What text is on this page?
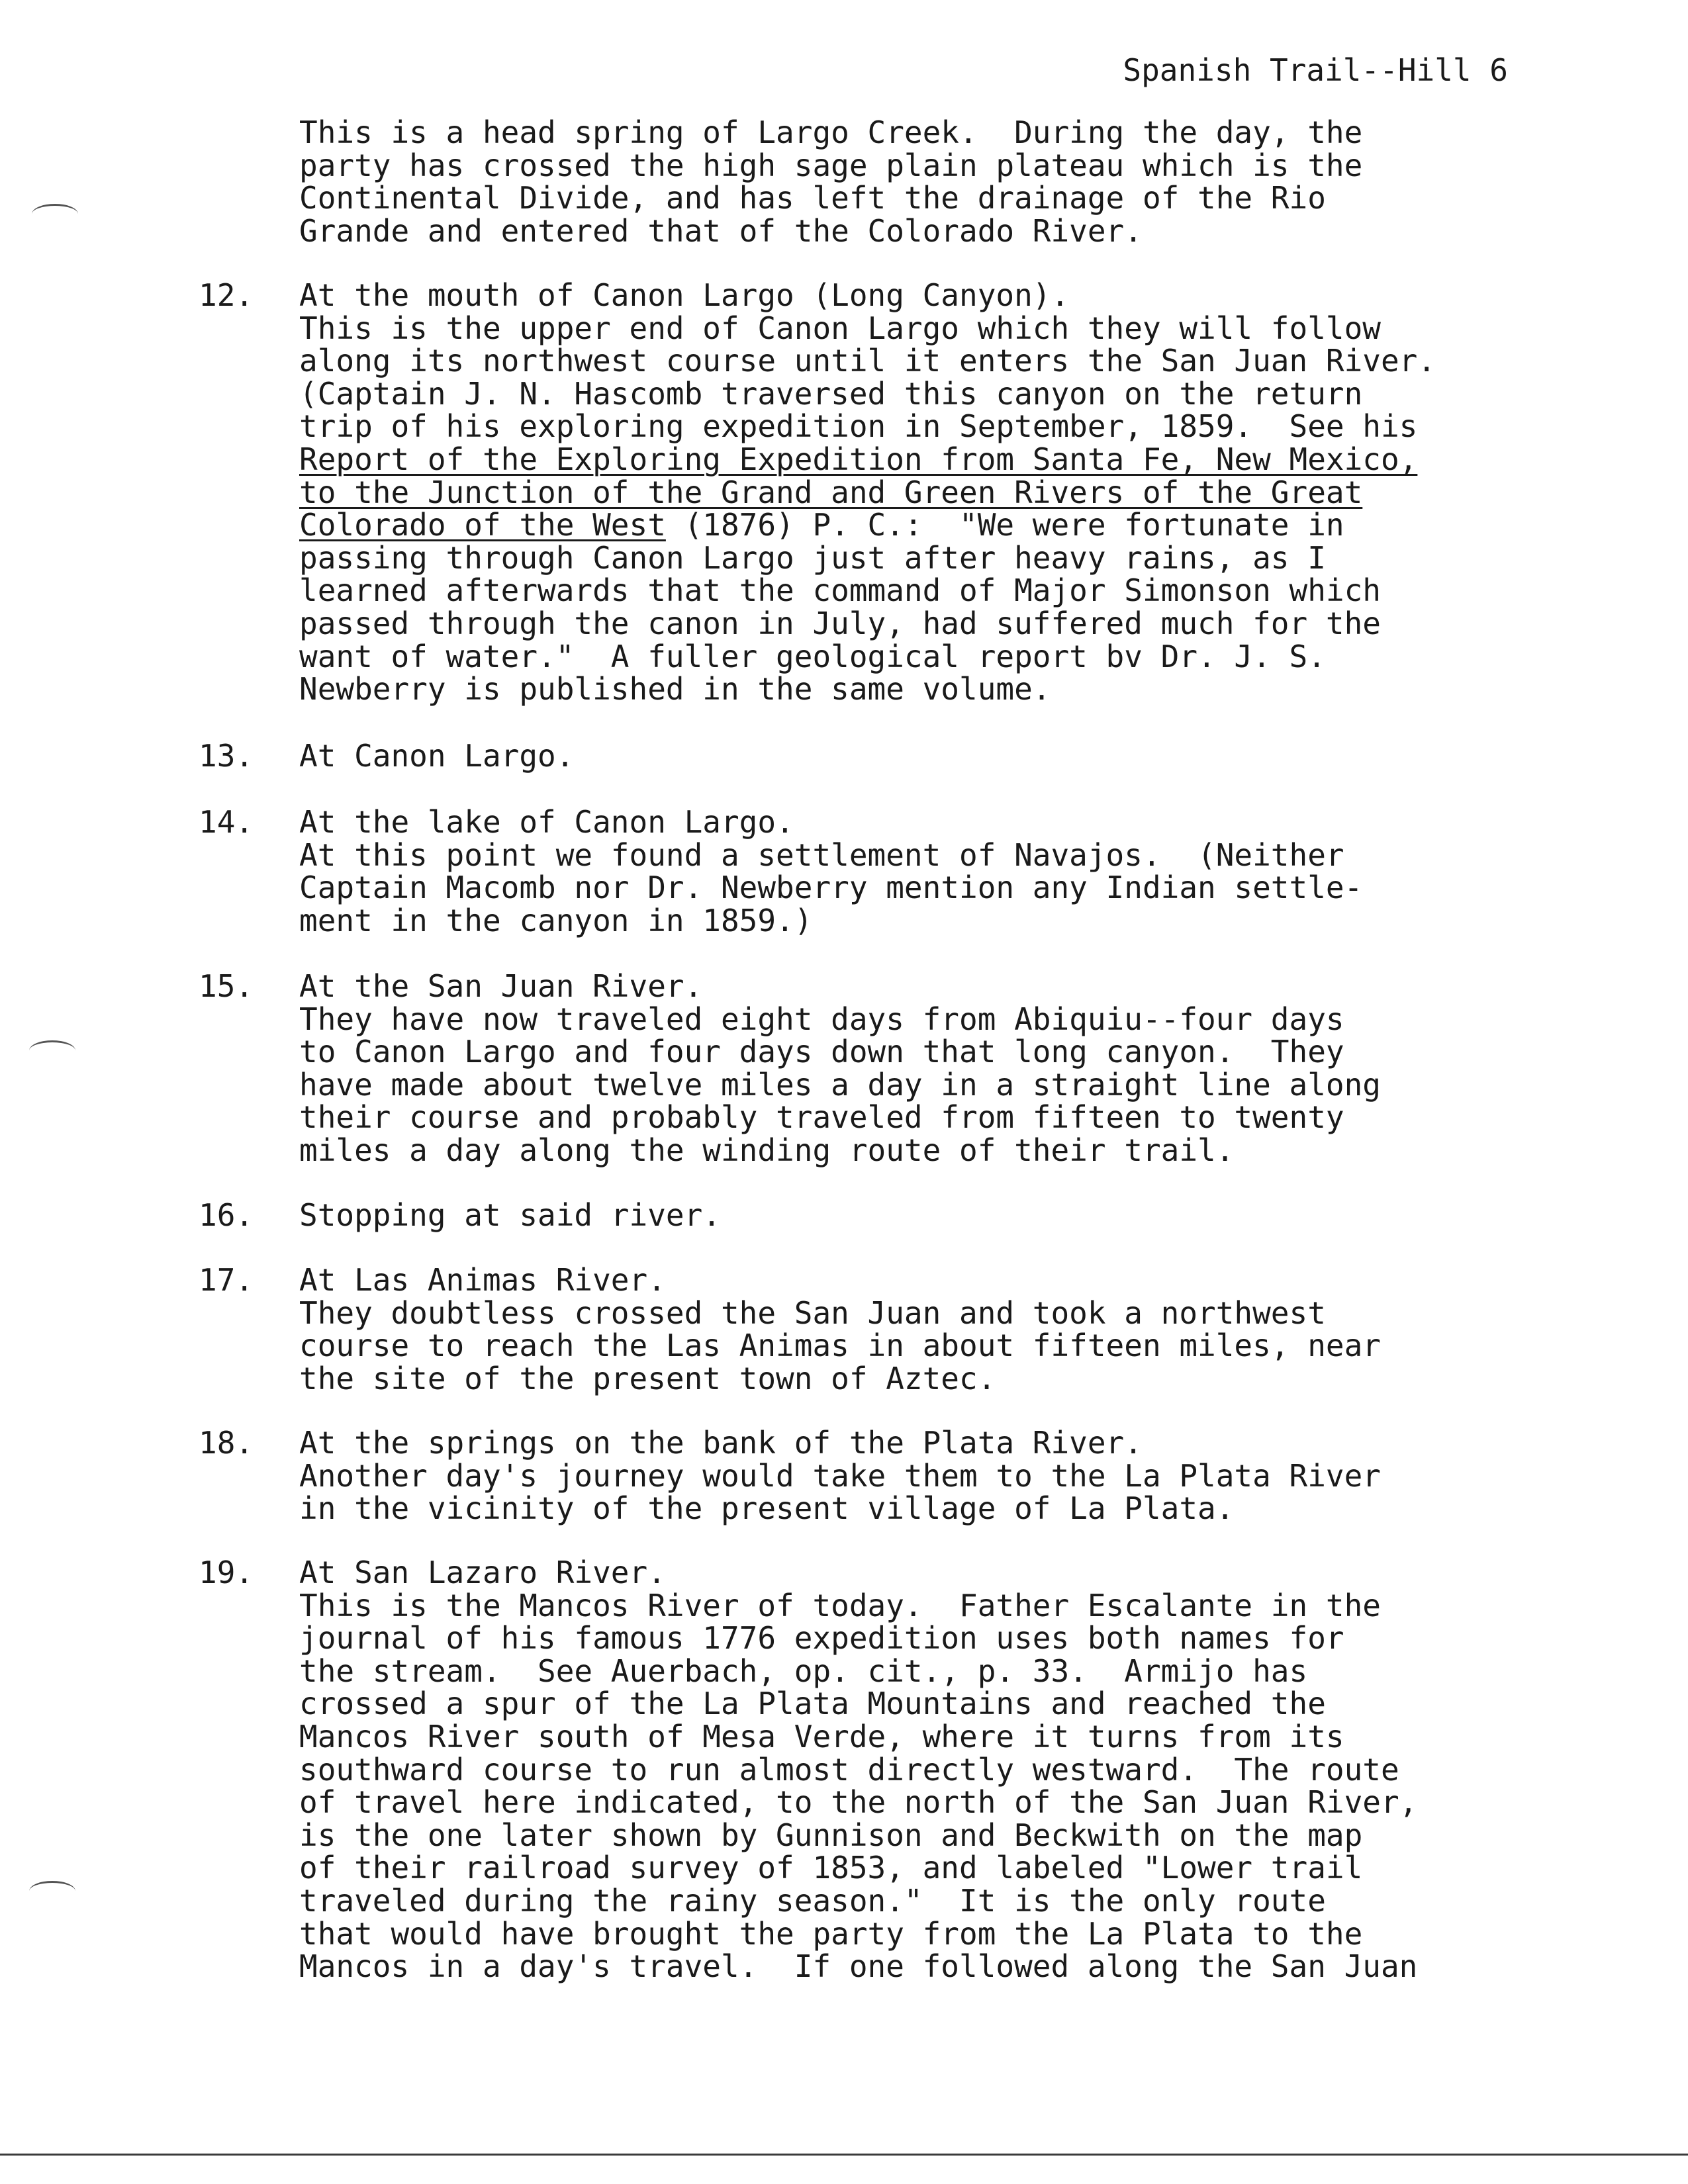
Spanish Trail--Hill 6
This is a head spring of Largo Creek.  During the day, the
party has crossed the high sage plain plateau which is the
Continental Divide, and has left the drainage of the Rio
Grande and entered that of the Colorado River.
12. At the mouth of Canon Largo (Long Canyon).
This is the upper end of Canon Largo which they will follow
along its northwest course until it enters the San Juan River.
(Captain J. N. Hascomb traversed this canyon on the return
trip of his exploring expedition in September, 1859.  See his
Report of the Exploring Expedition from Santa Fe, New Mexico,
to the Junction of the Grand and Green Rivers of the Great
Colorado of the West (1876) P. C.:  "We were fortunate in
passing through Canon Largo just after heavy rains, as I
learned afterwards that the command of Major Simonson which
passed through the canon in July, had suffered much for the
want of water."  A fuller geological report bv Dr. J. S.
Newberry is published in the same volume.
13. At Canon Largo.
14. At the lake of Canon Largo.
At this point we found a settlement of Navajos.  (Neither
Captain Macomb nor Dr. Newberry mention any Indian settle-
ment in the canyon in 1859.)
15. At the San Juan River.
They have now traveled eight days from Abiquiu--four days
to Canon Largo and four days down that long canyon.  They
have made about twelve miles a day in a straight line along
their course and probably traveled from fifteen to twenty
miles a day along the winding route of their trail.
16. Stopping at said river.
17. At Las Animas River.
They doubtless crossed the San Juan and took a northwest
course to reach the Las Animas in about fifteen miles, near
the site of the present town of Aztec.
18. At the springs on the bank of the Plata River.
Another day's journey would take them to the La Plata River
in the vicinity of the present village of La Plata.
19. At San Lazaro River.
This is the Mancos River of today.  Father Escalante in the
journal of his famous 1776 expedition uses both names for
the stream.  See Auerbach, op. cit., p. 33.  Armijo has
crossed a spur of the La Plata Mountains and reached the
Mancos River south of Mesa Verde, where it turns from its
southward course to run almost directly westward.  The route
of travel here indicated, to the north of the San Juan River,
is the one later shown by Gunnison and Beckwith on the map
of their railroad survey of 1853, and labeled "Lower trail
traveled during the rainy season."  It is the only route
that would have brought the party from the La Plata to the
Mancos in a day's travel.  If one followed along the San Juan
